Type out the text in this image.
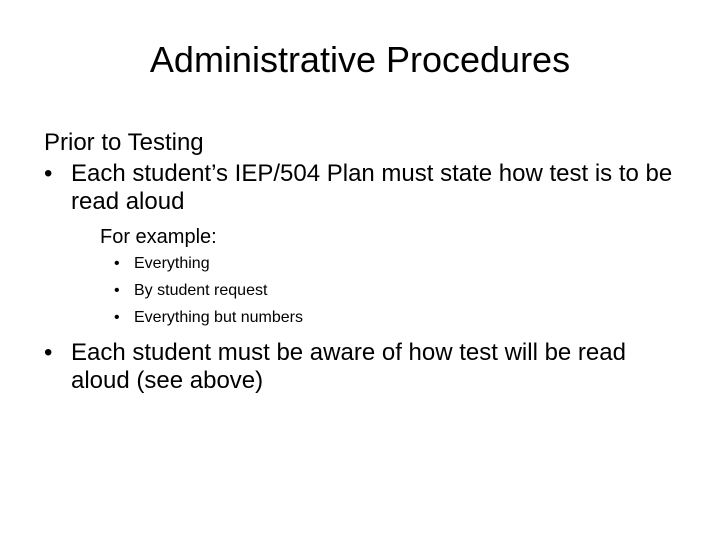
Administrative Procedures
Prior to Testing
• Each student’s IEP/504 Plan must state how test is to be read aloud
For example:
• Everything
• By student request
• Everything but numbers
• Each student must be aware of how test will be read aloud (see above)
